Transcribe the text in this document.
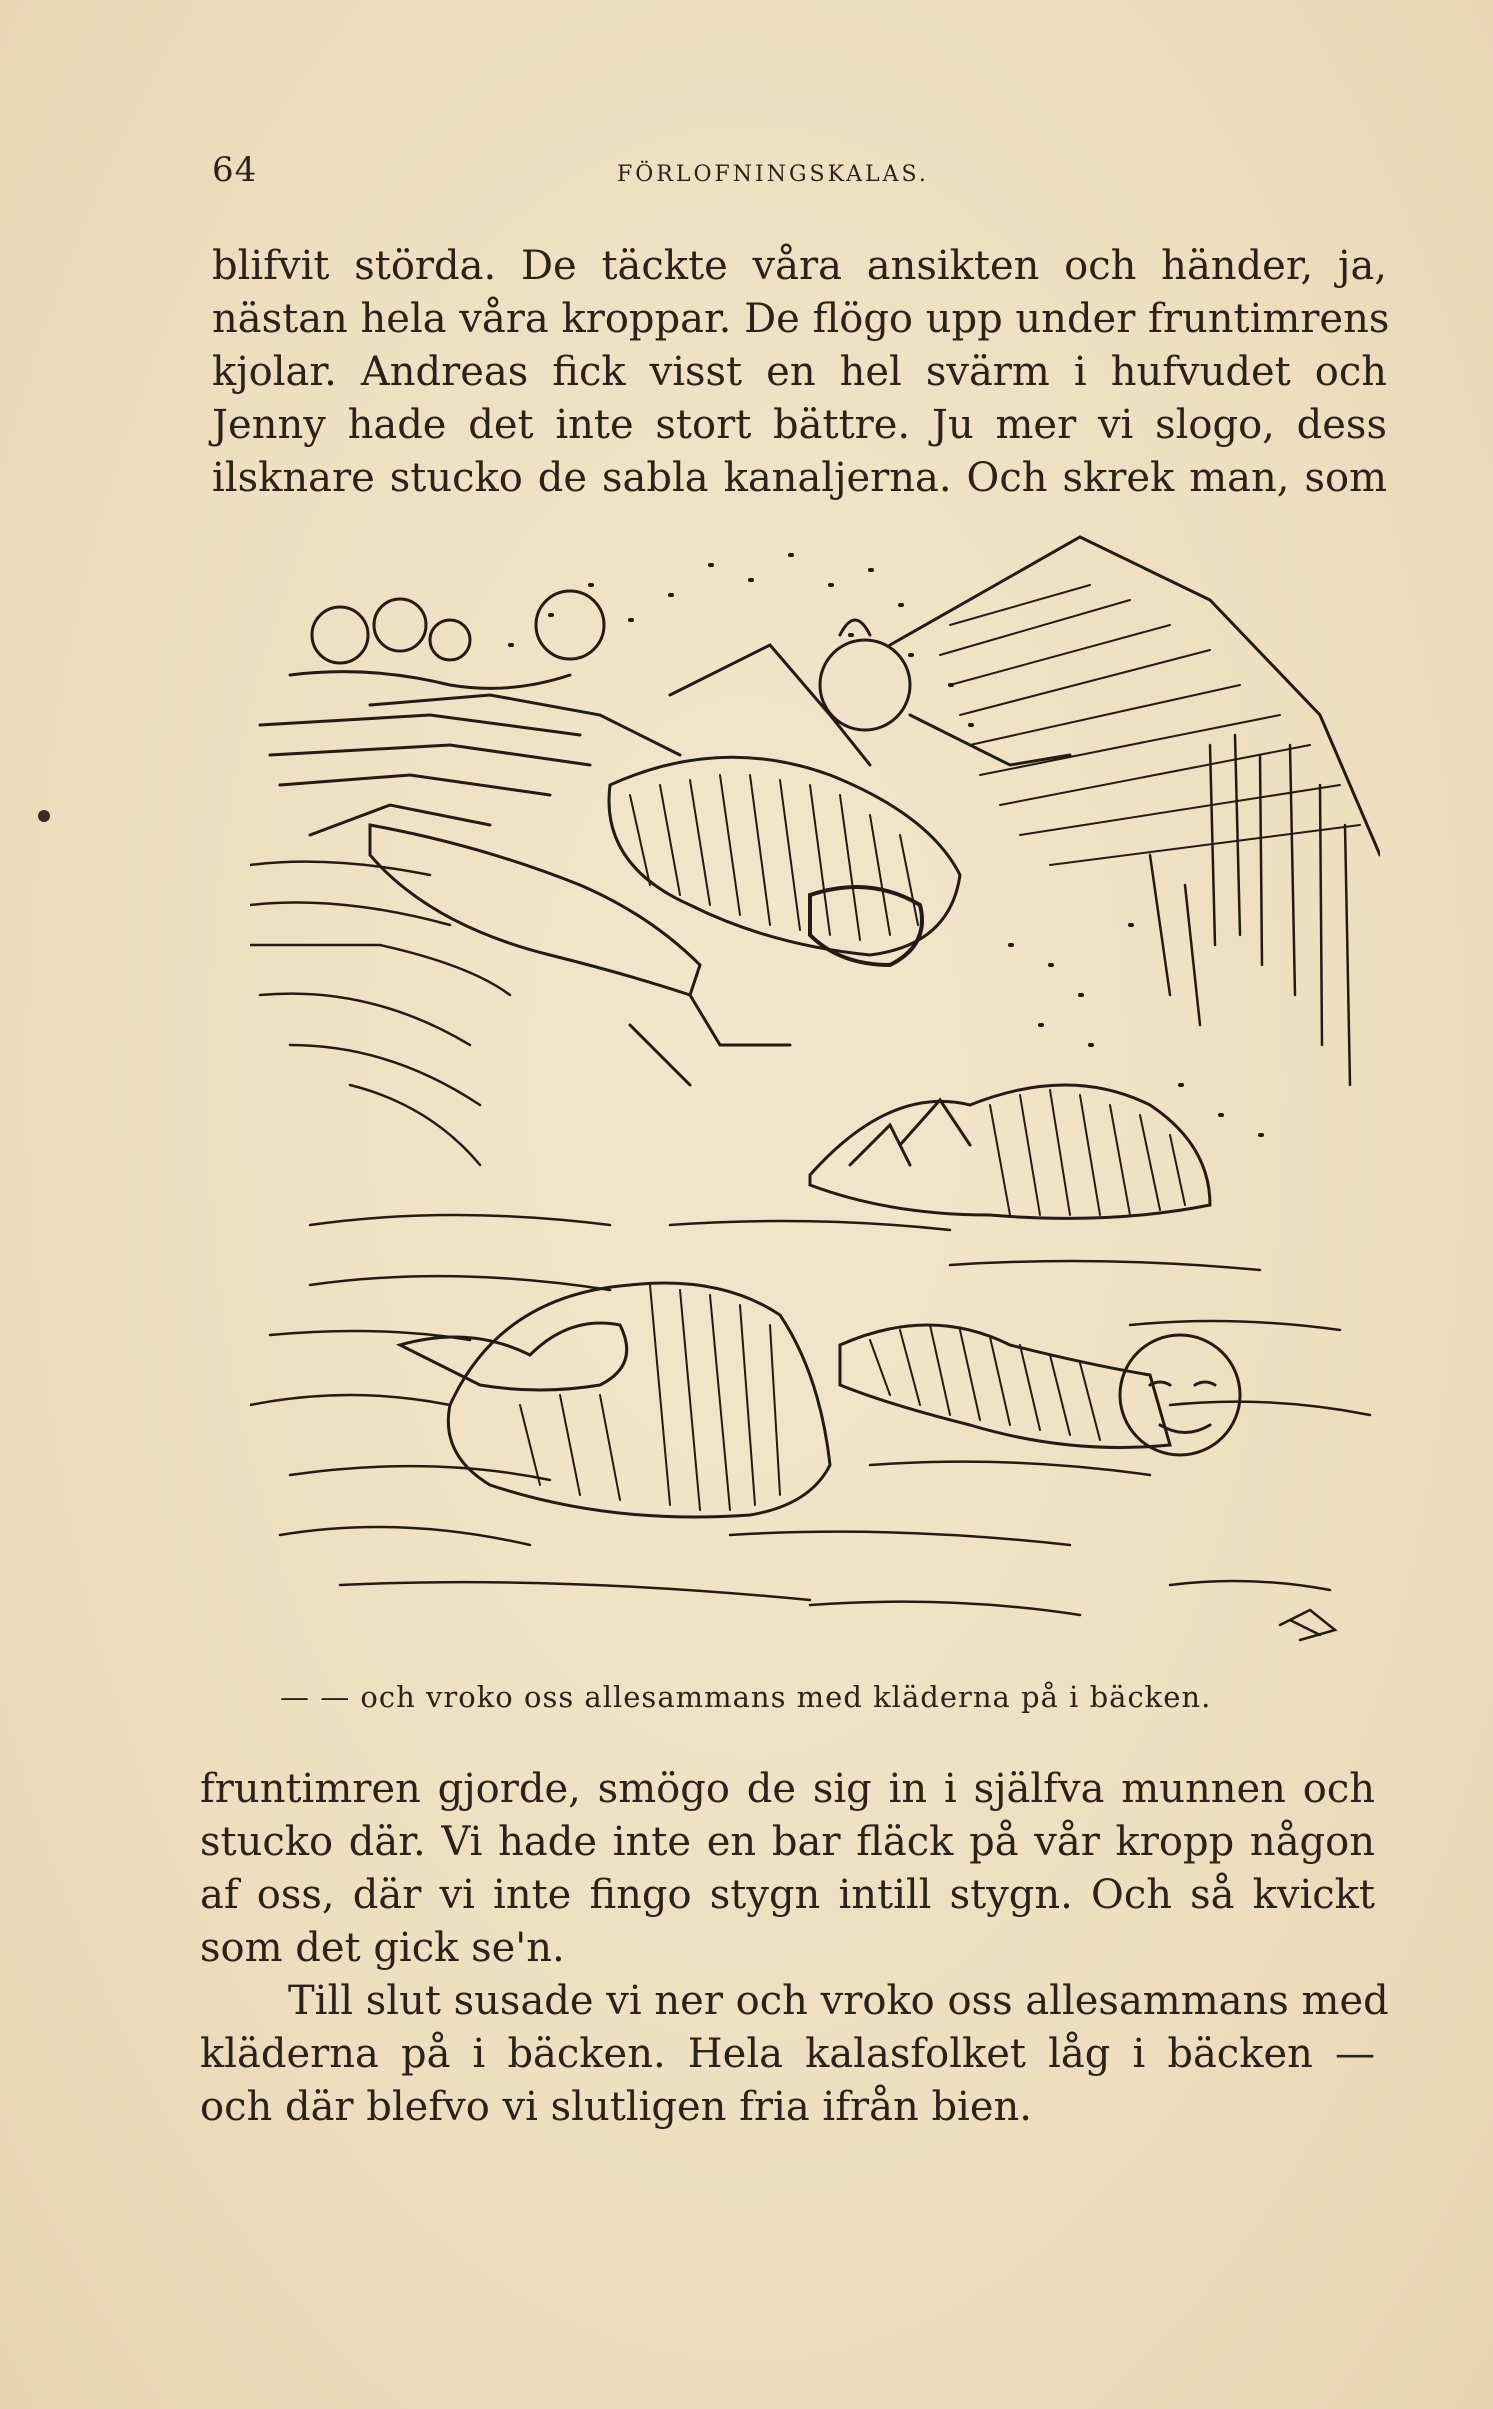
64	FÖRLOFNINGSKALAS.
blifvit störda. De täckte våra ansikten och händer, ja,
nästan hela våra kroppar. De flögo upp under fruntimrens
kjolar. Andreas fick visst en hel svärm i hufvudet och
Jenny hade det inte stort bättre. Ju mer vi slogo, dess
ilsknare stucko de sabla kanaljerna. Och skrek man, som
— — och vroko oss allesammans med kläderna på i bäcken.
fruntimren gjorde, smögo de sig in i själfva munnen och
stucko där. Vi hade inte en bar fläck på vår kropp någon
af oss, där vi inte fingo stygn intill stygn. Och så kvickt
som det gick se'n.
Till slut susade vi ner och vroko oss allesammans med
kläderna på i bäcken. Hela kalasfolket låg i bäcken —
och där blefvo vi slutligen fria ifrån bien.
